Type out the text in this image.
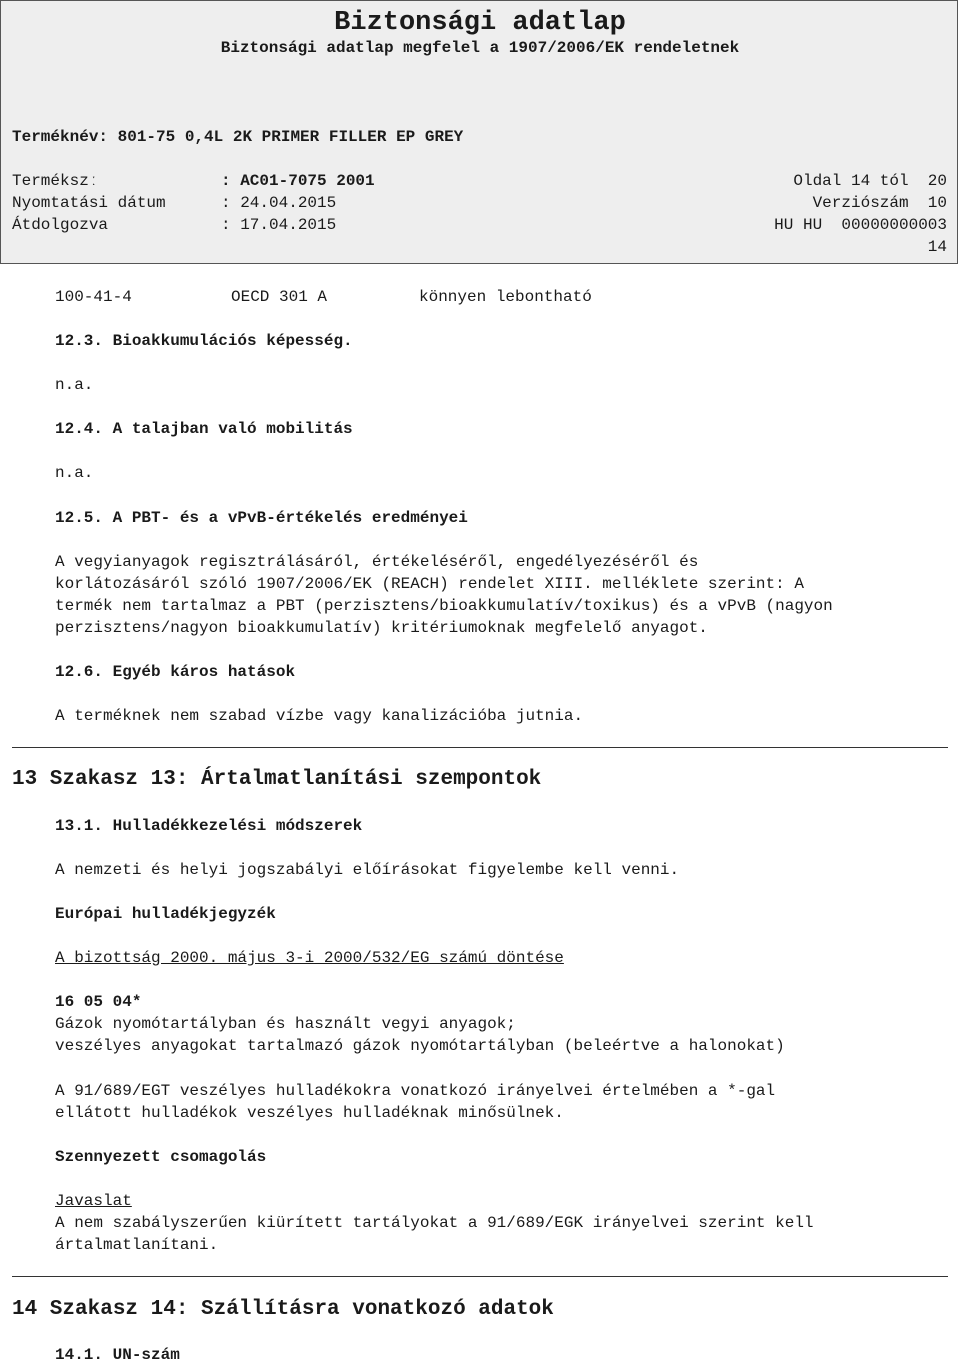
Biztonsági adatlap
Biztonsági adatlap megfelel a 1907/2006/EK rendeletnek
Terméknév: 801-75 0,4L 2K PRIMER FILLER EP GREY
Termékszː	: AC01-7075 2001	Oldal 14 tól  20
Nyomtatási dátum	: 24.04.2015	Verziószám  10
Átdolgozva	: 17.04.2015	HU HU  00000000003
14
100-41-4	OECD 301 A	könnyen lebontható
12.3. Bioakkumulációs képesség.
n.a.
12.4. A talajban való mobilitás
n.a.
12.5. A PBT- és a vPvB-értékelés eredményei
A vegyianyagok regisztrálásáról, értékeléséről, engedélyezéséről és
korlátozásáról szóló 1907/2006/EK (REACH) rendelet XIII. melléklete szerint: A
termék nem tartalmaz a PBT (perzisztens/bioakkumulatív/toxikus) és a vPvB (nagyon
perzisztens/nagyon bioakkumulatív) kritériumoknak megfelelő anyagot.
12.6. Egyéb káros hatások
A terméknek nem szabad vízbe vagy kanalizációba jutnia.
13 Szakasz 13: Ártalmatlanítási szempontok
13.1. Hulladékkezelési módszerek
A nemzeti és helyi jogszabályi előírásokat figyelembe kell venni.
Európai hulladékjegyzék
A bizottság 2000. május 3-i 2000/532/EG számú döntése
16 05 04*
Gázok nyomótartályban és használt vegyi anyagok;
veszélyes anyagokat tartalmazó gázok nyomótartályban (beleértve a halonokat)
A 91/689/EGT veszélyes hulladékokra vonatkozó irányelvei értelmében a *-gal
ellátott hulladékok veszélyes hulladéknak minősülnek.
Szennyezett csomagolás
Javaslat
A nem szabályszerűen kiürített tartályokat a 91/689/EGK irányelvei szerint kell
ártalmatlanítani.
14 Szakasz 14: Szállításra vonatkozó adatok
14.1. UN-szám
